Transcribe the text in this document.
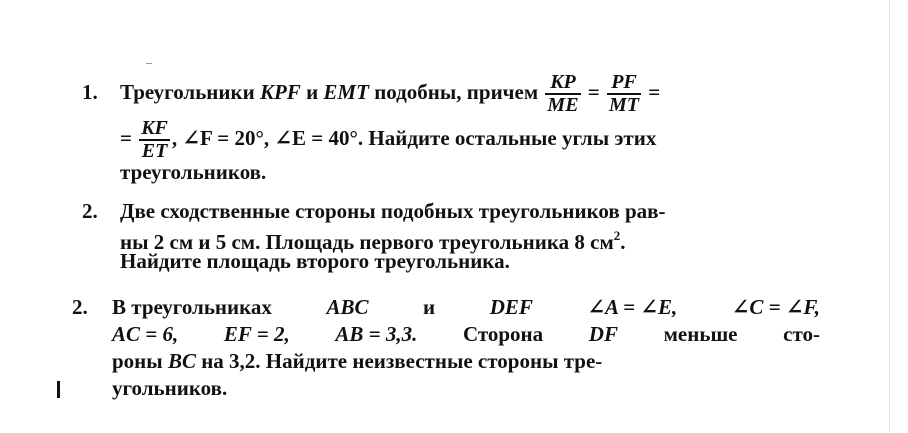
1. Треугольники KPF и EMT подобны, причем $\frac{KP}{ME} = \frac{PF}{MT}$ =
= $\frac{KF}{ET}$ , ∠F = 20°, ∠E = 40°. Найдите остальные углы этих
треугольников.
2. Две сходственные стороны подобных треугольников рав-
ны 2 см и 5 см. Площадь первого треугольника 8 $см^2$.
Найдите площадь второго треугольника.
2. В треугольниках	ABC	и	DEF	∠A = ∠E,	∠C = ∠F,
AC = 6, EF = 2, AB = 3,3. Сторона DF меньше сто-
роны BC на 3,2. Найдите неизвестные стороны тре-
угольников.
